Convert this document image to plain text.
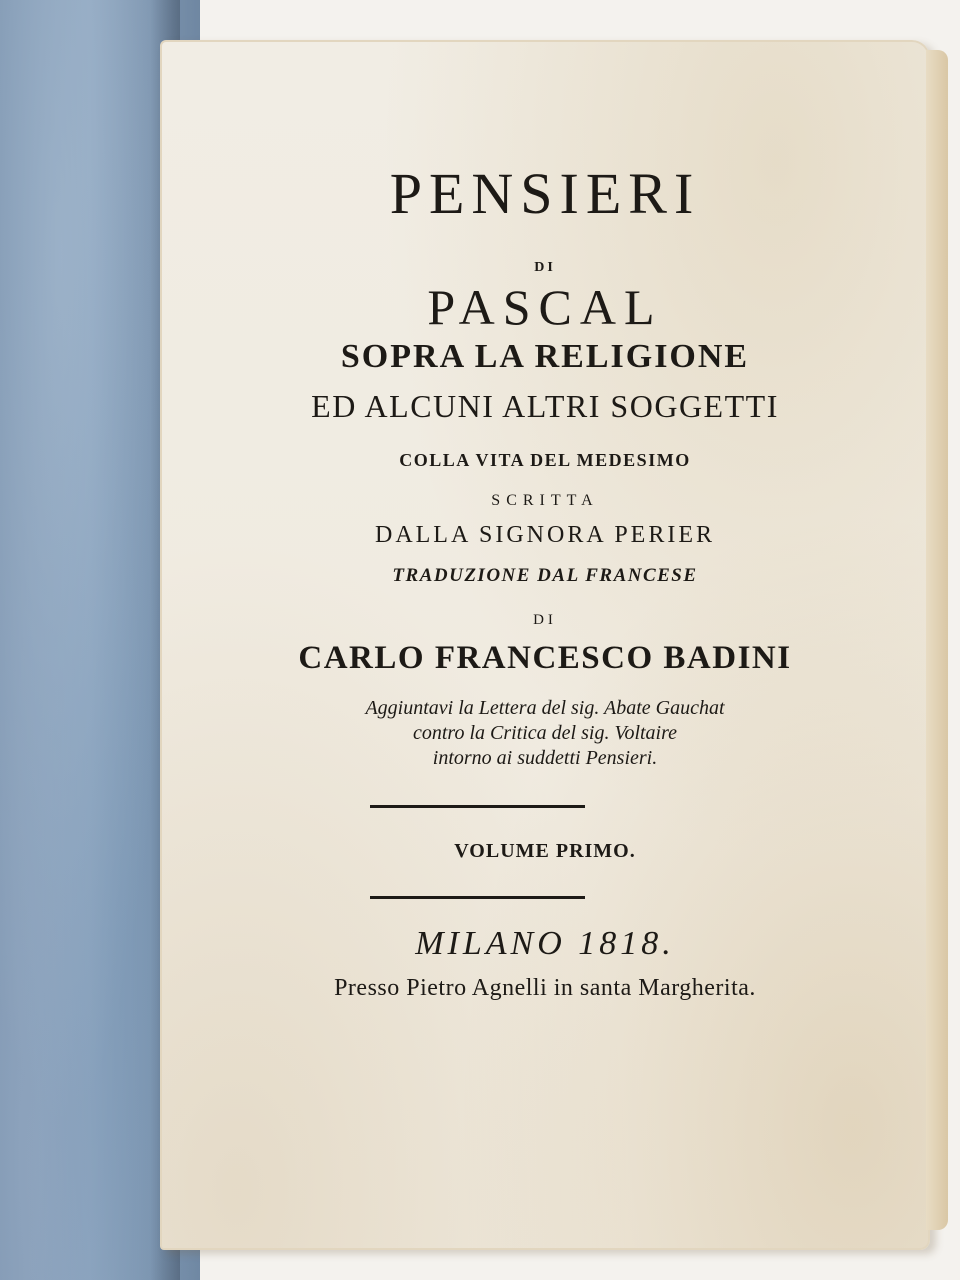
PENSIERI
DI
PASCAL
SOPRA LA RELIGIONE
ED ALCUNI ALTRI SOGGETTI
COLLA VITA DEL MEDESIMO
SCRITTA
DALLA SIGNORA PERIER
TRADUZIONE DAL FRANCESE
DI
CARLO FRANCESCO BADINI
Aggiuntavi la Lettera del sig. Abate Gauchat
contro la Critica del sig. Voltaire
intorno ai suddetti Pensieri.
VOLUME PRIMO.
MILANO 1818.
Presso Pietro Agnelli in santa Margherita.
